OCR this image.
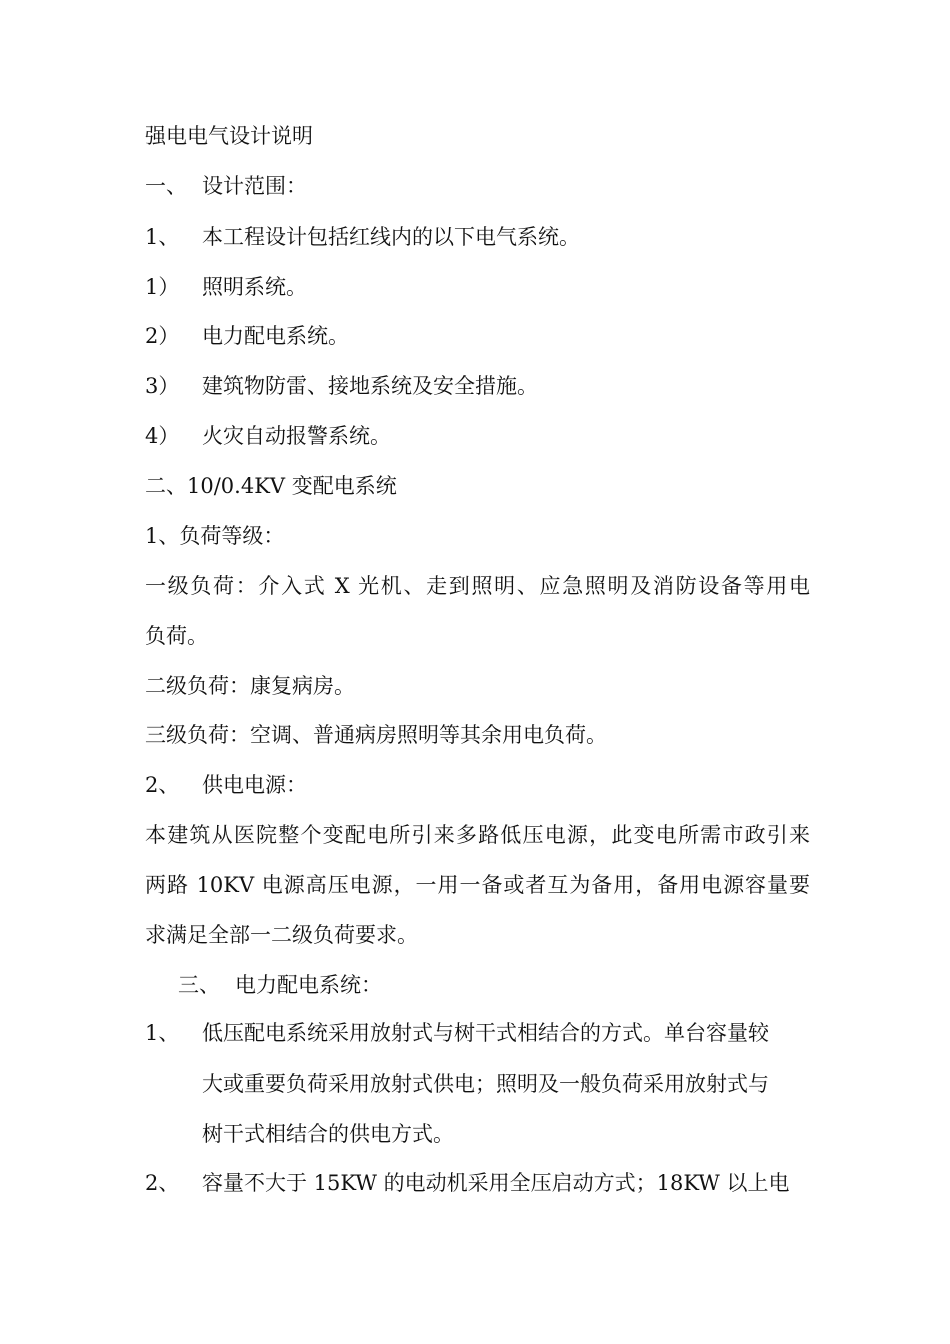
强电电气设计说明
一、 设计范围：
1、 本工程设计包括红线内的以下电气系统。
1） 照明系统。
2） 电力配电系统。
3） 建筑物防雷、接地系统及安全措施。
4） 火灾自动报警系统。
二、10/0.4KV 变配电系统
1、负荷等级：
一级负荷：介入式 X 光机、走到照明、应急照明及消防设备等用电
负荷。
二级负荷：康复病房。
三级负荷：空调、普通病房照明等其余用电负荷。
2、 供电电源：
本建筑从医院整个变配电所引来多路低压电源，此变电所需市政引来
两路 10KV 电源高压电源，一用一备或者互为备用，备用电源容量要
求满足全部一二级负荷要求。
三、 电力配电系统：
1、 低压配电系统采用放射式与树干式相结合的方式。单台容量较
大或重要负荷采用放射式供电；照明及一般负荷采用放射式与
树干式相结合的供电方式。
2、 容量不大于 15KW 的电动机采用全压启动方式；18KW 以上电
